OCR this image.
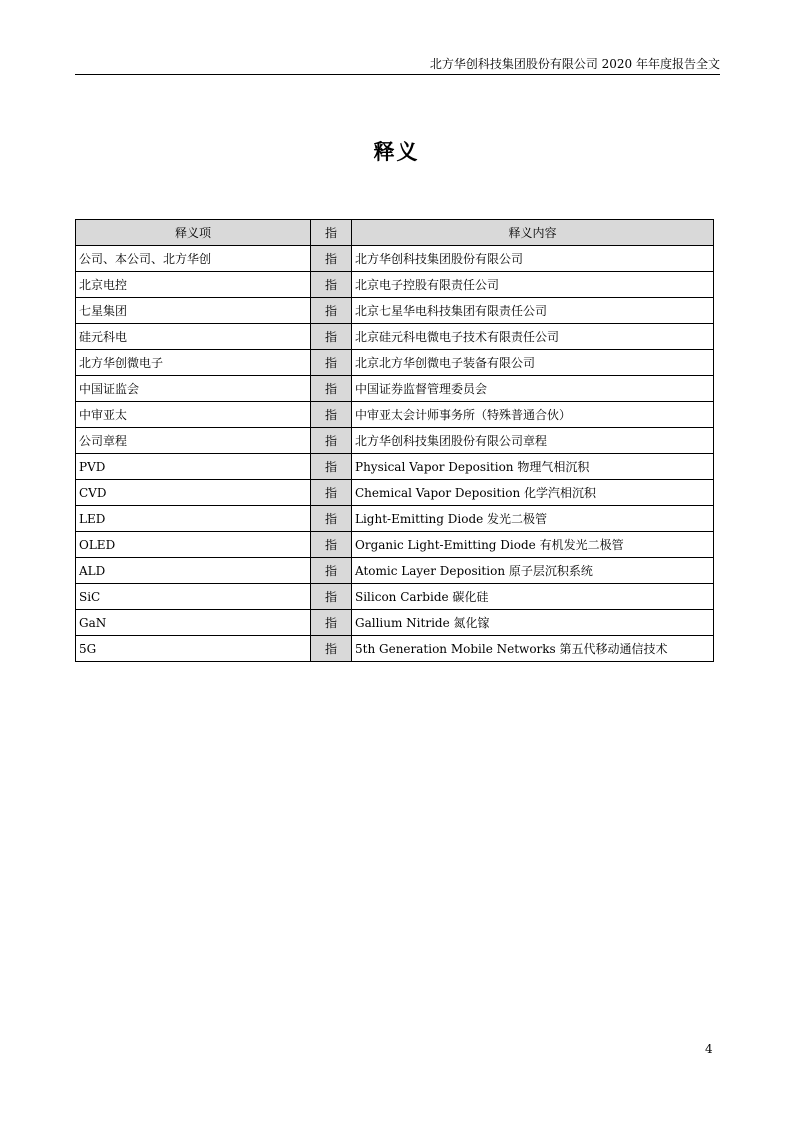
北方华创科技集团股份有限公司 2020 年年度报告全文
释义
释义项	指	释义内容
公司、本公司、北方华创	指	北方华创科技集团股份有限公司
北京电控	指	北京电子控股有限责任公司
七星集团	指	北京七星华电科技集团有限责任公司
硅元科电	指	北京硅元科电微电子技术有限责任公司
北方华创微电子	指	北京北方华创微电子装备有限公司
中国证监会	指	中国证券监督管理委员会
中审亚太	指	中审亚太会计师事务所（特殊普通合伙）
公司章程	指	北方华创科技集团股份有限公司章程
PVD	指	Physical Vapor Deposition 物理气相沉积
CVD	指	Chemical Vapor Deposition 化学汽相沉积
LED	指	Light-Emitting Diode 发光二极管
OLED	指	Organic Light-Emitting Diode 有机发光二极管
ALD	指	Atomic Layer Deposition 原子层沉积系统
SiC	指	Silicon Carbide 碳化硅
GaN	指	Gallium Nitride 氮化镓
5G	指	5th Generation Mobile Networks 第五代移动通信技术
4
